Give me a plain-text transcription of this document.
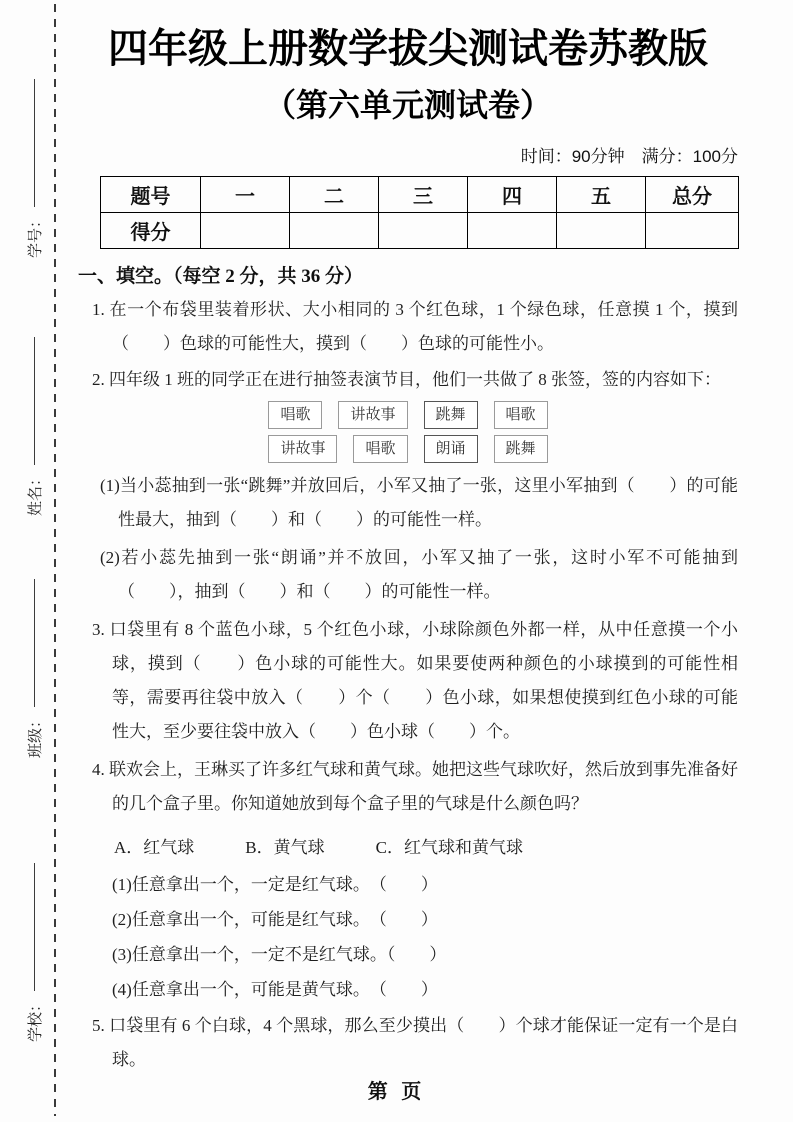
学号：
姓名：
班级：
学校：
四年级上册数学拔尖测试卷苏教版
（第六单元测试卷）
时间：90分钟　满分：100分
题号	一	二	三	四	五	总分
得分						
一、填空。（每空 2 分，共 36 分）

1. 在一个布袋里装着形状、大小相同的 3 个红色球，1 个绿色球，任意摸 1 个，摸到（　　）色球的可能性大，摸到（　　）色球的可能性小。

2. 四年级 1 班的同学正在进行抽签表演节目，他们一共做了 8 张签，签的内容如下：

唱歌	讲故事	跳舞	唱歌
讲故事	唱歌	朗诵	跳舞

(1)当小蕊抽到一张“跳舞”并放回后，小军又抽了一张，这里小军抽到（　　）的可能性最大，抽到（　　）和（　　）的可能性一样。

(2)若小蕊先抽到一张“朗诵”并不放回，小军又抽了一张，这时小军不可能抽到（　　），抽到（　　）和（　　）的可能性一样。

3. 口袋里有 8 个蓝色小球，5 个红色小球，小球除颜色外都一样，从中任意摸一个小球，摸到（　　）色小球的可能性大。如果要使两种颜色的小球摸到的可能性相等，需要再往袋中放入（　　）个（　　）色小球，如果想使摸到红色小球的可能性大，至少要往袋中放入（　　）色小球（　　）个。

4. 联欢会上，王琳买了许多红气球和黄气球。她把这些气球吹好，然后放到事先准备好的几个盒子里。你知道她放到每个盒子里的气球是什么颜色吗？

A．红气球　　　B．黄气球　　　C．红气球和黄气球
(1)任意拿出一个，一定是红气球。　（　　）
(2)任意拿出一个，可能是红气球。　（　　）
(3)任意拿出一个，一定不是红气球。（　　）
(4)任意拿出一个，可能是黄气球。　（　　）

5. 口袋里有 6 个白球，4 个黑球，那么至少摸出（　　）个球才能保证一定有一个是白球。

第 页
